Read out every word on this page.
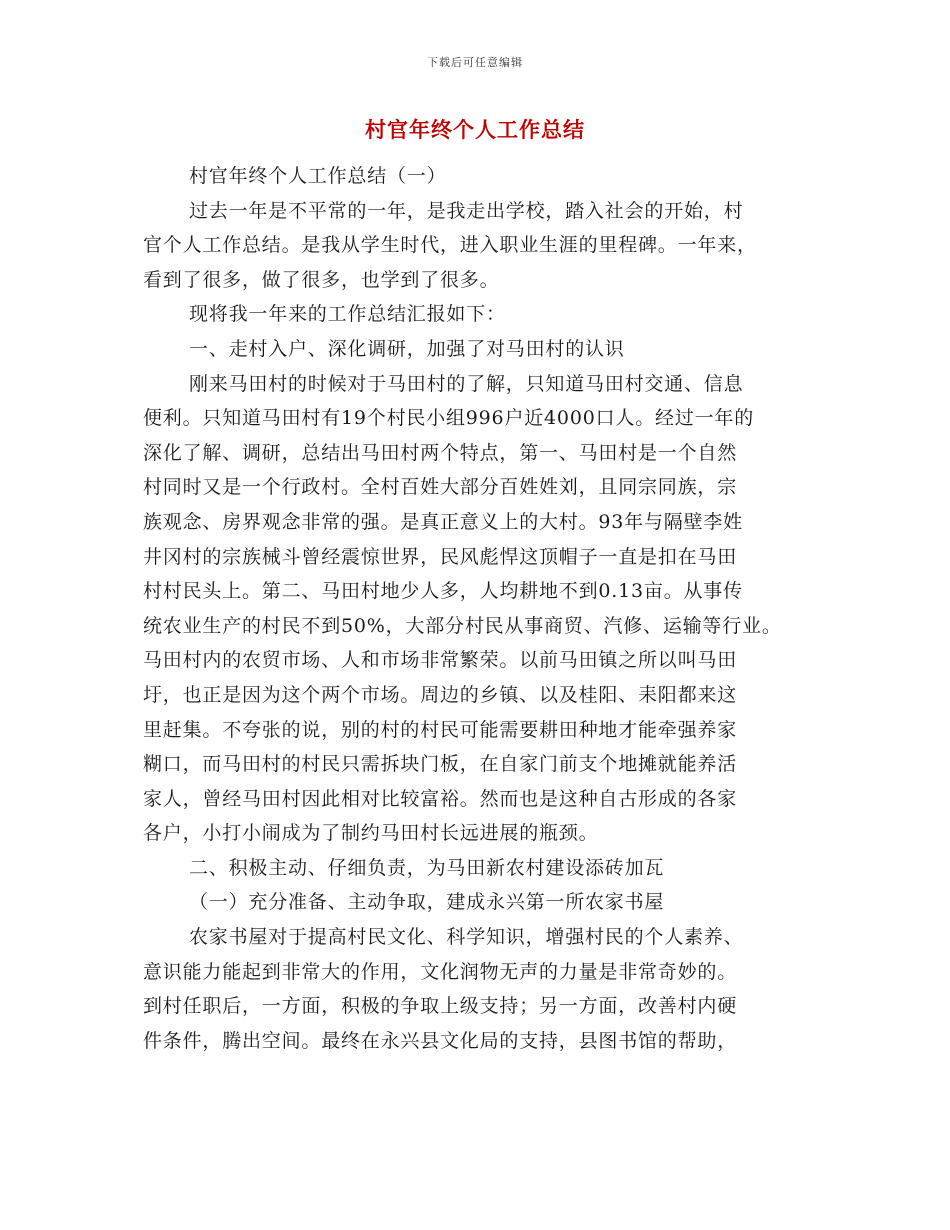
下载后可任意编辑
村官年终个人工作总结
村官年终个人工作总结（一）
过去一年是不平常的一年，是我走出学校，踏入社会的开始，村
官个人工作总结。是我从学生时代，进入职业生涯的里程碑。一年来，
看到了很多，做了很多，也学到了很多。
现将我一年来的工作总结汇报如下：
一、走村入户、深化调研，加强了对马田村的认识
刚来马田村的时候对于马田村的了解，只知道马田村交通、信息
便利。只知道马田村有19个村民小组996户近4000口人。经过一年的
深化了解、调研，总结出马田村两个特点，第一、马田村是一个自然
村同时又是一个行政村。全村百姓大部分百姓姓刘，且同宗同族，宗
族观念、房界观念非常的强。是真正意义上的大村。93年与隔壁李姓
井冈村的宗族械斗曾经震惊世界，民风彪悍这顶帽子一直是扣在马田
村村民头上。第二、马田村地少人多，人均耕地不到0.13亩。从事传
统农业生产的村民不到50%，大部分村民从事商贸、汽修、运输等行业。
马田村内的农贸市场、人和市场非常繁荣。以前马田镇之所以叫马田
圩，也正是因为这个两个市场。周边的乡镇、以及桂阳、耒阳都来这
里赶集。不夸张的说，别的村的村民可能需要耕田种地才能牵强养家
糊口，而马田村的村民只需拆块门板，在自家门前支个地摊就能养活
家人，曾经马田村因此相对比较富裕。然而也是这种自古形成的各家
各户，小打小闹成为了制约马田村长远进展的瓶颈。
二、积极主动、仔细负责，为马田新农村建设添砖加瓦
（一）充分准备、主动争取，建成永兴第一所农家书屋
农家书屋对于提高村民文化、科学知识，增强村民的个人素养、
意识能力能起到非常大的作用，文化润物无声的力量是非常奇妙的。
到村任职后，一方面，积极的争取上级支持；另一方面，改善村内硬
件条件，腾出空间。最终在永兴县文化局的支持，县图书馆的帮助，
